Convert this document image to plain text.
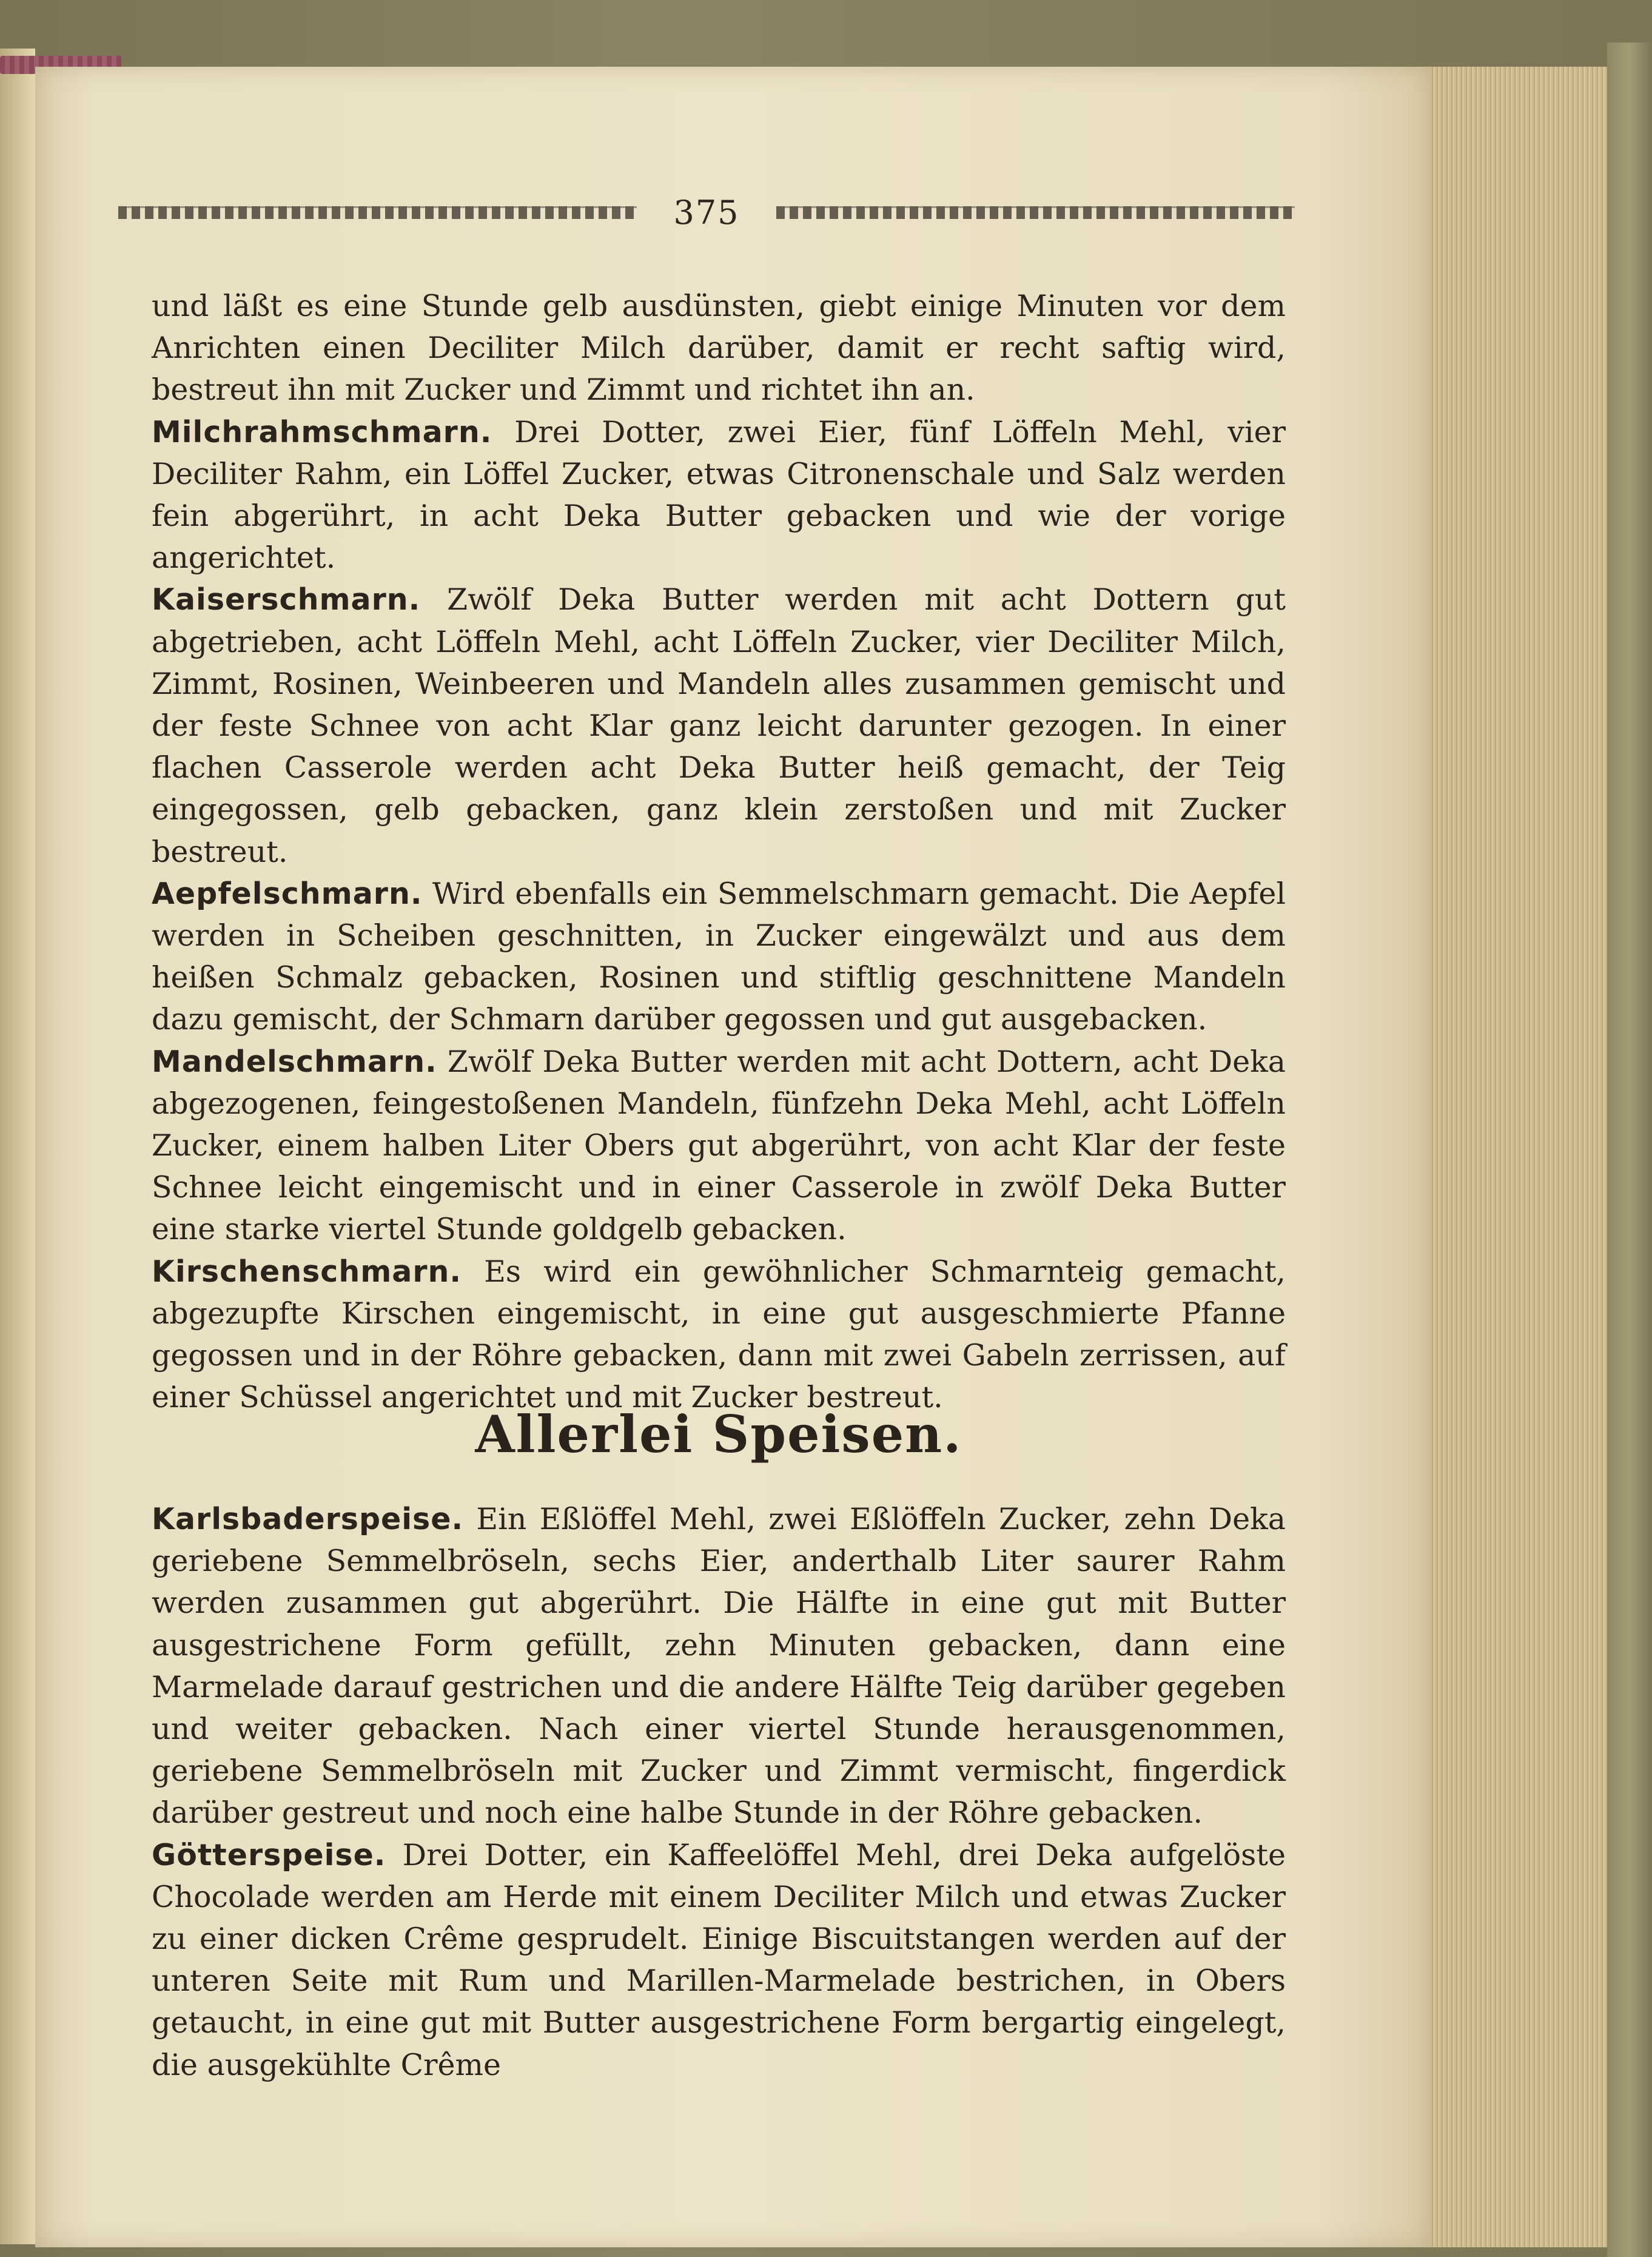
375

und läßt es eine Stunde gelb ausdünsten, giebt einige Minuten vor dem Anrichten einen Deciliter Milch darüber, damit er recht saftig wird, bestreut ihn mit Zucker und Zimmt und richtet ihn an.

Milchrahmschmarn. Drei Dotter, zwei Eier, fünf Löffeln Mehl, vier Deciliter Rahm, ein Löffel Zucker, etwas Citronenschale und Salz werden fein abgerührt, in acht Deka Butter gebacken und wie der vorige angerichtet.

Kaiserschmarn. Zwölf Deka Butter werden mit acht Dottern gut abgetrieben, acht Löffeln Mehl, acht Löffeln Zucker, vier Deciliter Milch, Zimmt, Rosinen, Weinbeeren und Mandeln alles zusammen gemischt und der feste Schnee von acht Klar ganz leicht darunter gezogen. In einer flachen Casserole werden acht Deka Butter heiß gemacht, der Teig eingegossen, gelb gebacken, ganz klein zerstoßen und mit Zucker bestreut.

Aepfelschmarn. Wird ebenfalls ein Semmelschmarn gemacht. Die Aepfel werden in Scheiben geschnitten, in Zucker eingewälzt und aus dem heißen Schmalz gebacken, Rosinen und stiftlig geschnittene Mandeln dazu gemischt, der Schmarn darüber gegossen und gut ausgebacken.

Mandelschmarn. Zwölf Deka Butter werden mit acht Dottern, acht Deka abgezogenen, feingestoßenen Mandeln, fünfzehn Deka Mehl, acht Löffeln Zucker, einem halben Liter Obers gut abgerührt, von acht Klar der feste Schnee leicht eingemischt und in einer Casserole in zwölf Deka Butter eine starke viertel Stunde goldgelb gebacken.

Kirschenschmarn. Es wird ein gewöhnlicher Schmarnteig gemacht, abgezupfte Kirschen eingemischt, in eine gut ausgeschmierte Pfanne gegossen und in der Röhre gebacken, dann mit zwei Gabeln zerrissen, auf einer Schüssel angerichtet und mit Zucker bestreut.

Allerlei Speisen.

Karlsbaderspeise. Ein Eßlöffel Mehl, zwei Eßlöffeln Zucker, zehn Deka geriebene Semmelbröseln, sechs Eier, anderthalb Liter saurer Rahm werden zusammen gut abgerührt. Die Hälfte in eine gut mit Butter ausgestrichene Form gefüllt, zehn Minuten gebacken, dann eine Marmelade darauf gestrichen und die andere Hälfte Teig darüber gegeben und weiter gebacken. Nach einer viertel Stunde herausgenommen, geriebene Semmelbröseln mit Zucker und Zimmt vermischt, fingerdick darüber gestreut und noch eine halbe Stunde in der Röhre gebacken.

Götterspeise. Drei Dotter, ein Kaffeelöffel Mehl, drei Deka aufgelöste Chocolade werden am Herde mit einem Deciliter Milch und etwas Zucker zu einer dicken Crême gesprudelt. Einige Biscuitstangen werden auf der unteren Seite mit Rum und Marillen-Marmelade bestrichen, in Obers getaucht, in eine gut mit Butter ausgestrichene Form bergartig eingelegt, die ausgekühlte Crême
